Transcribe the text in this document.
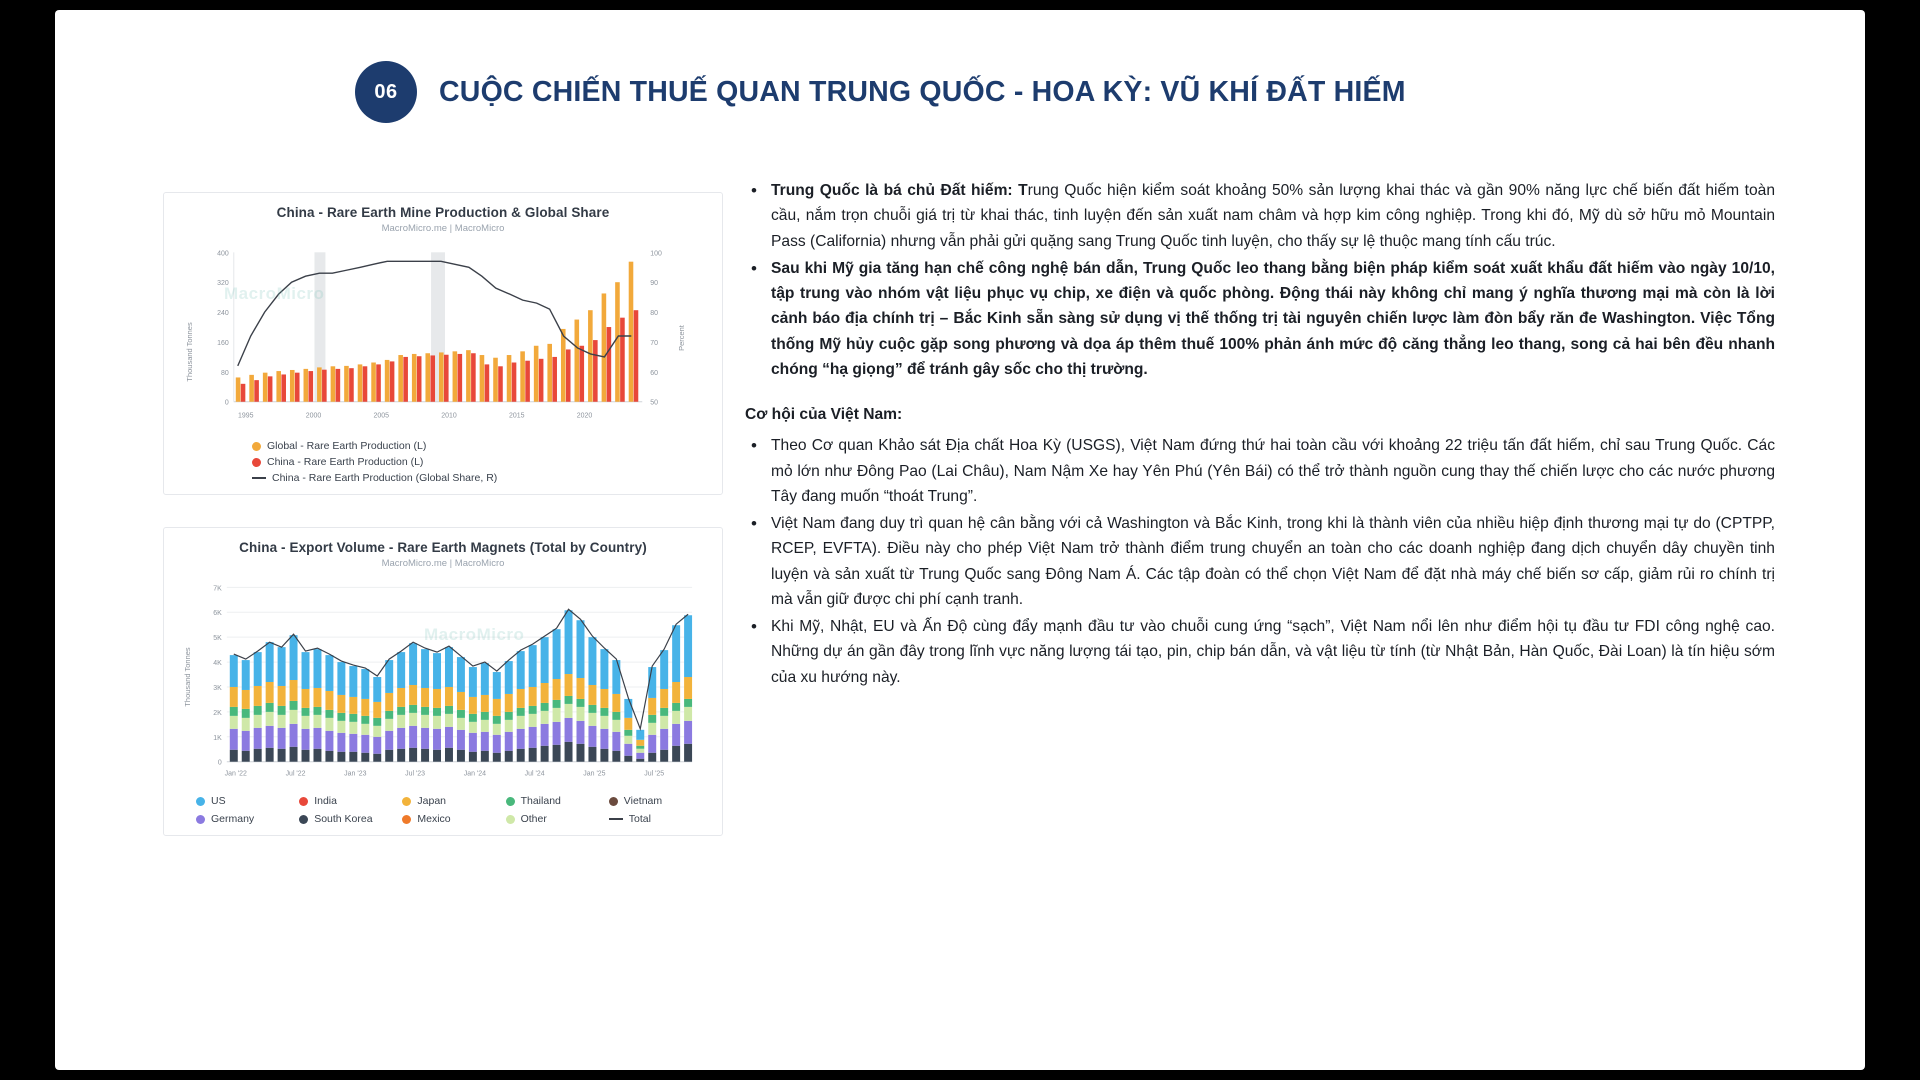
06	CUỘC CHIẾN THUẾ QUAN TRUNG QUỐC - HOA KỲ: VŨ KHÍ ĐẤT HIẾM
China - Rare Earth Mine Production & Global Share
MacroMicro.me | MacroMicro
MacroMicro
400
320
240
160
80
0
100
90
80
70
60
50
1995	2000	2005	2010	2015	2020
Thousand Tonnes	Percent
Global - Rare Earth Production (L)
China - Rare Earth Production (L)
China - Rare Earth Production (Global Share, R)
China - Export Volume - Rare Earth Magnets (Total by Country)
MacroMicro.me | MacroMicro
MacroMicro
7K
6K
5K
4K
3K
2K
1K
0
Thousand Tonnes
Jan '22	Jul '22	Jan '23	Jul '23	Jan '24	Jul '24	Jan '25	Jul '25
US	India	Japan	Thailand	Vietnam
Germany	South Korea	Mexico	Other	Total
• Trung Quốc là bá chủ Đất hiếm: Trung Quốc hiện kiểm soát khoảng 50% sản lượng khai thác và gần 90% năng lực chế biến đất hiếm toàn cầu, nắm trọn chuỗi giá trị từ khai thác, tinh luyện đến sản xuất nam châm và hợp kim công nghiệp. Trong khi đó, Mỹ dù sở hữu mỏ Mountain Pass (California) nhưng vẫn phải gửi quặng sang Trung Quốc tinh luyện, cho thấy sự lệ thuộc mang tính cấu trúc.
• Sau khi Mỹ gia tăng hạn chế công nghệ bán dẫn, Trung Quốc leo thang bằng biện pháp kiểm soát xuất khẩu đất hiếm vào ngày 10/10, tập trung vào nhóm vật liệu phục vụ chip, xe điện và quốc phòng. Động thái này không chỉ mang ý nghĩa thương mại mà còn là lời cảnh báo địa chính trị – Bắc Kinh sẵn sàng sử dụng vị thế thống trị tài nguyên chiến lược làm đòn bẩy răn đe Washington. Việc Tổng thống Mỹ hủy cuộc gặp song phương và dọa áp thêm thuế 100% phản ánh mức độ căng thẳng leo thang, song cả hai bên đều nhanh chóng “hạ giọng” để tránh gây sốc cho thị trường.
Cơ hội của Việt Nam:
• Theo Cơ quan Khảo sát Địa chất Hoa Kỳ (USGS), Việt Nam đứng thứ hai toàn cầu với khoảng 22 triệu tấn đất hiếm, chỉ sau Trung Quốc. Các mỏ lớn như Đông Pao (Lai Châu), Nam Nậm Xe hay Yên Phú (Yên Bái) có thể trở thành nguồn cung thay thế chiến lược cho các nước phương Tây đang muốn “thoát Trung”.
• Việt Nam đang duy trì quan hệ cân bằng với cả Washington và Bắc Kinh, trong khi là thành viên của nhiều hiệp định thương mại tự do (CPTPP, RCEP, EVFTA). Điều này cho phép Việt Nam trở thành điểm trung chuyển an toàn cho các doanh nghiệp đang dịch chuyển dây chuyền tinh luyện và sản xuất từ Trung Quốc sang Đông Nam Á. Các tập đoàn có thể chọn Việt Nam để đặt nhà máy chế biến sơ cấp, giảm rủi ro chính trị mà vẫn giữ được chi phí cạnh tranh.
• Khi Mỹ, Nhật, EU và Ấn Độ cùng đẩy mạnh đầu tư vào chuỗi cung ứng “sạch”, Việt Nam nổi lên như điểm hội tụ đầu tư FDI công nghệ cao. Những dự án gần đây trong lĩnh vực năng lượng tái tạo, pin, chip bán dẫn, và vật liệu từ tính (từ Nhật Bản, Hàn Quốc, Đài Loan) là tín hiệu sớm của xu hướng này.
